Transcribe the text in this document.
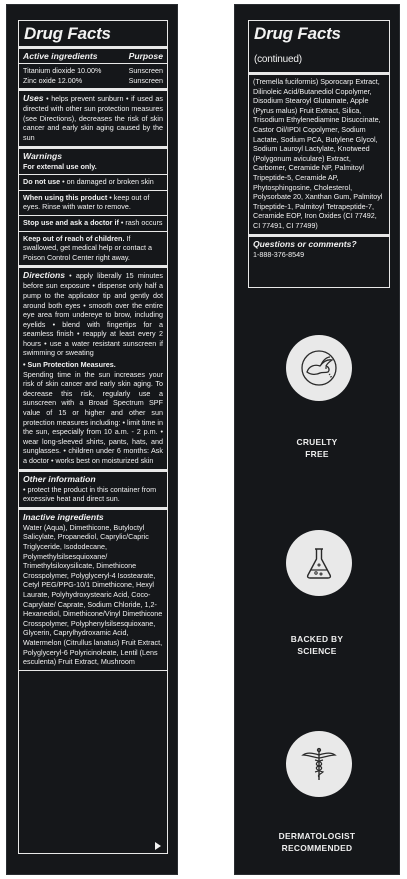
Drug Facts
Active ingredients	Purpose
Titanium dioxide 10.00%	Sunscreen
Zinc oxide 12.00%	Sunscreen
Uses • helps prevent sunburn • if used as directed with other sun protection measures (see Directions), decreases the risk of skin cancer and early skin aging caused by the sun
Warnings
For external use only.
Do not use • on damaged or broken skin
When using this product • keep out of eyes. Rinse with water to remove.
Stop use and ask a doctor if • rash occurs
Keep out of reach of children. If swallowed, get medical help or contact a Poison Control Center right away.
Directions • apply liberally 15 minutes before sun exposure • dispense only half a pump to the applicator tip and gently dot around both eyes • smooth over the entire eye area from undereye to brow, including eyelids • blend with fingertips for a seamless finish • reapply at least every 2 hours • use a water resistant sunscreen if swimming or sweating
• Sun Protection Measures.
Spending time in the sun increases your risk of skin cancer and early skin aging. To decrease this risk, regularly use a sunscreen with a Broad Spectrum SPF value of 15 or higher and other sun protection measures including: • limit time in the sun, especially from 10 a.m. - 2 p.m. • wear long-sleeved shirts, pants, hats, and sunglasses. • children under 6 months: Ask a doctor • works best on moisturized skin
Other information
• protect the product in this container from excessive heat and direct sun.
Inactive ingredients
Water (Aqua), Dimethicone, Butyloctyl Salicylate, Propanediol, Caprylic/Capric Triglyceride, Isododecane, Polymethylsilsesquioxane/ Trimethylsiloxysilicate, Dimethicone Crosspolymer, Polyglyceryl-4 Isostearate, Cetyl PEG/PPG-10/1 Dimethicone, Hexyl Laurate, Polyhydroxystearic Acid, Coco-Caprylate/ Caprate, Sodium Chloride, 1,2-Hexanediol, Dimethicone/Vinyl Dimethicone Crosspolymer, Polyphenylsilsesquioxane, Glycerin, Caprylhydroxamic Acid, Watermelon (Citrullus lanatus) Fruit Extract, Polyglyceryl-6 Polyricinoleate, Lentil (Lens esculenta) Fruit Extract, Mushroom
Drug Facts (continued)
(Tremella fuciformis) Sporocarp Extract, Dilinoleic Acid/Butanediol Copolymer, Disodium Stearoyl Glutamate, Apple (Pyrus malus) Fruit Extract, Silica, Trisodium Ethylenediamine Disuccinate, Castor Oil/IPDI Copolymer, Sodium Lactate, Sodium PCA, Butylene Glycol, Sodium Lauroyl Lactylate, Knotweed (Polygonum aviculare) Extract, Carbomer, Ceramide NP, Palmitoyl Tripeptide-5, Ceramide AP, Phytosphingosine, Cholesterol, Polysorbate 20, Xanthan Gum, Palmitoyl Tripeptide-1, Palmitoyl Tetrapeptide-7, Ceramide EOP, Iron Oxides (CI 77492, CI 77491, CI 77499)
Questions or comments?
1-888-376-8549
CRUELTY
FREE
BACKED BY
SCIENCE
DERMATOLOGIST
RECOMMENDED
